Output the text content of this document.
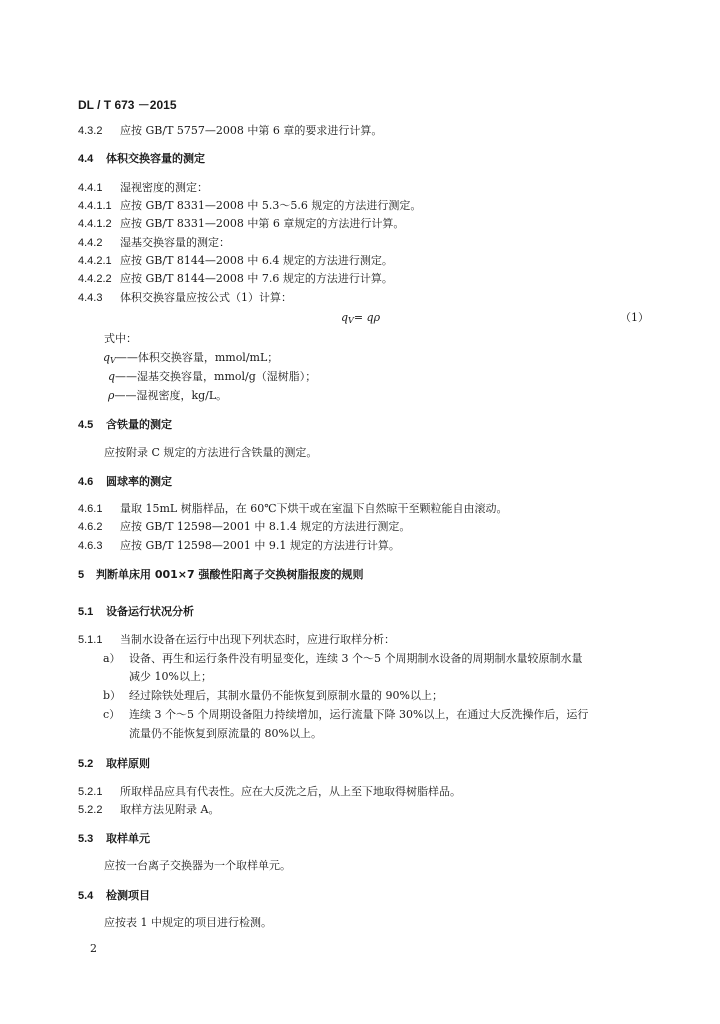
DL / T 673 －2015
4.3.2 应按 GB/T 5757—2008 中第 6 章的要求进行计算。
4.4 体积交换容量的测定
4.4.1 湿视密度的测定：
4.4.1.1 应按 GB/T 8331—2008 中 5.3～5.6 规定的方法进行测定。
4.4.1.2 应按 GB/T 8331—2008 中第 6 章规定的方法进行计算。
4.4.2 湿基交换容量的测定：
4.4.2.1 应按 GB/T 8144—2008 中 6.4 规定的方法进行测定。
4.4.2.2 应按 GB/T 8144—2008 中 7.6 规定的方法进行计算。
4.4.3 体积交换容量应按公式（1）计算：
$q_V= q\rho$	（1）
式中：
$q_V——$体积交换容量，mmol/mL；
q——湿基交换容量，mmol/g（湿树脂）；
ρ——湿视密度，kg/L。
4.5 含铁量的测定
应按附录 C 规定的方法进行含铁量的测定。
4.6 圆球率的测定
4.6.1 量取 15mL 树脂样品，在 60℃下烘干或在室温下自然晾干至颗粒能自由滚动。
4.6.2 应按 GB/T 12598—2001 中 8.1.4 规定的方法进行测定。
4.6.3 应按 GB/T 12598—2001 中 9.1 规定的方法进行计算。
5 判断单床用 001×7 强酸性阳离子交换树脂报废的规则
5.1 设备运行状况分析
5.1.1 当制水设备在运行中出现下列状态时，应进行取样分析：
a） 设备、再生和运行条件没有明显变化，连续 3 个～5 个周期制水设备的周期制水量较原制水量
减少 10%以上；
b） 经过除铁处理后，其制水量仍不能恢复到原制水量的 90%以上；
c） 连续 3 个～5 个周期设备阻力持续增加，运行流量下降 30%以上，在通过大反洗操作后，运行
流量仍不能恢复到原流量的 80%以上。
5.2 取样原则
5.2.1 所取样品应具有代表性。应在大反洗之后，从上至下地取得树脂样品。
5.2.2 取样方法见附录 A。
5.3 取样单元
应按一台离子交换器为一个取样单元。
5.4 检测项目
应按表 1 中规定的项目进行检测。
2
